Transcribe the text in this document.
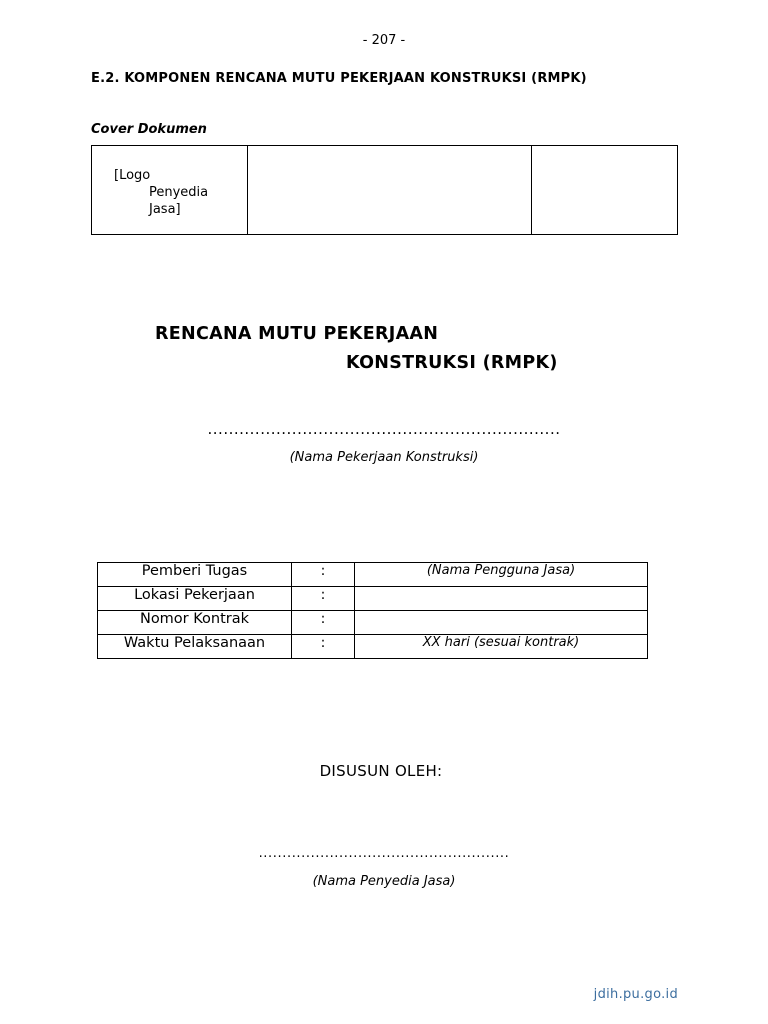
- 207 -
E.2. KOMPONEN RENCANA MUTU PEKERJAAN KONSTRUKSI (RMPK)
Cover Dokumen
[Logo
Penyedia
Jasa]
RENCANA MUTU PEKERJAAN
KONSTRUKSI (RMPK)
...................................................................
(Nama Pekerjaan Konstruksi)
Pemberi Tugas	:	(Nama Pengguna Jasa)
Lokasi Pekerjaan	:	
Nomor Kontrak	:	
Waktu Pelaksanaan	:	XX hari (sesuai kontrak)
DISUSUN OLEH:
.....................................................
(Nama Penyedia Jasa)
jdih.pu.go.id
